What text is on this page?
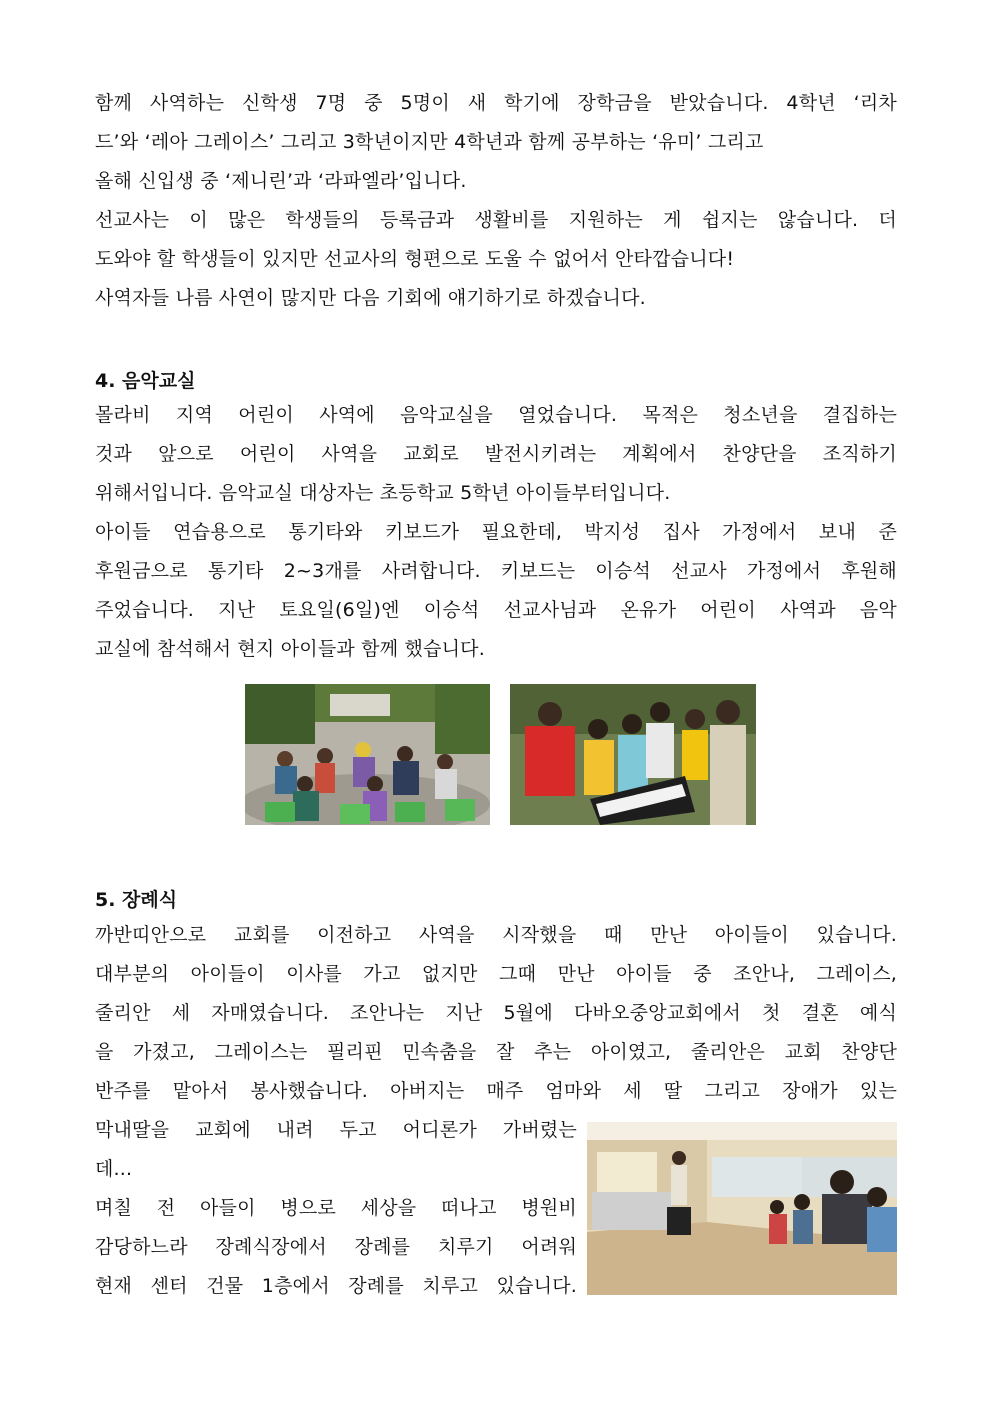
함께 사역하는 신학생 7명 중 5명이 새 학기에 장학금을 받았습니다. 4학년 ‘리차
드’와 ‘레아 그레이스’ 그리고 3학년이지만 4학년과 함께 공부하는 ‘유미’ 그리고
올해 신입생 중 ‘제니린’과 ‘라파엘라’입니다.
선교사는 이 많은 학생들의 등록금과 생활비를 지원하는 게 쉽지는 않습니다. 더
도와야 할 학생들이 있지만 선교사의 형편으로 도울 수 없어서 안타깝습니다!
사역자들 나름 사연이 많지만 다음 기회에 얘기하기로 하겠습니다.
4. 음악교실
몰라비 지역 어린이 사역에 음악교실을 열었습니다. 목적은 청소년을 결집하는
것과 앞으로 어린이 사역을 교회로 발전시키려는 계획에서 찬양단을 조직하기
위해서입니다. 음악교실 대상자는 초등학교 5학년 아이들부터입니다.
아이들 연습용으로 통기타와 키보드가 필요한데, 박지성 집사 가정에서 보내 준
후원금으로 통기타 2~3개를 사려합니다. 키보드는 이승석 선교사 가정에서 후원해
주었습니다. 지난 토요일(6일)엔 이승석 선교사님과 온유가 어린이 사역과 음악
교실에 참석해서 현지 아이들과 함께 했습니다.
5. 장례식
까반띠안으로 교회를 이전하고 사역을 시작했을 때 만난 아이들이 있습니다.
대부분의 아이들이 이사를 가고 없지만 그때 만난 아이들 중 조안나, 그레이스,
줄리안 세 자매였습니다. 조안나는 지난 5월에 다바오중앙교회에서 첫 결혼 예식
을 가졌고, 그레이스는 필리핀 민속춤을 잘 추는 아이였고, 줄리안은 교회 찬양단
반주를 맡아서 봉사했습니다. 아버지는 매주 엄마와 세 딸 그리고 장애가 있는
막내딸을 교회에 내려 두고 어디론가 가버렸는
데...
며칠 전 아들이 병으로 세상을 떠나고 병원비
감당하느라 장례식장에서 장례를 치루기 어려워
현재 센터 건물 1층에서 장례를 치루고 있습니다.
